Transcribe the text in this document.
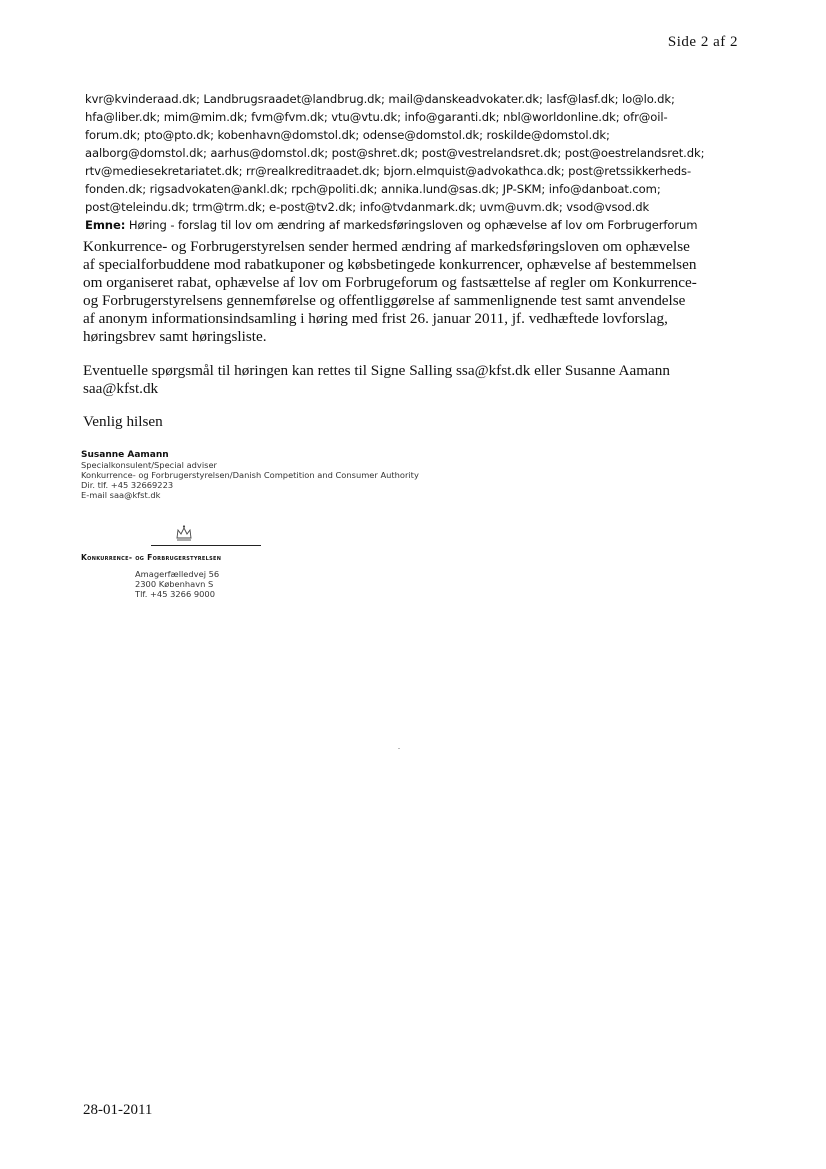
Side 2 af 2
kvr@kvinderaad.dk; Landbrugsraadet@landbrug.dk; mail@danskeadvokater.dk; lasf@lasf.dk; lo@lo.dk;
hfa@liber.dk; mim@mim.dk; fvm@fvm.dk; vtu@vtu.dk; info@garanti.dk; nbl@worldonline.dk; ofr@oil-
forum.dk; pto@pto.dk; kobenhavn@domstol.dk; odense@domstol.dk; roskilde@domstol.dk;
aalborg@domstol.dk; aarhus@domstol.dk; post@shret.dk; post@vestrelandsret.dk; post@oestrelandsret.dk;
rtv@mediesekretariatet.dk; rr@realkreditraadet.dk; bjorn.elmquist@advokathca.dk; post@retssikkerheds-
fonden.dk; rigsadvokaten@ankl.dk; rpch@politi.dk; annika.lund@sas.dk; JP-SKM; info@danboat.com;
post@teleindu.dk; trm@trm.dk; e-post@tv2.dk; info@tvdanmark.dk; uvm@uvm.dk; vsod@vsod.dk
Emne: Høring - forslag til lov om ændring af markedsføringsloven og ophævelse af lov om Forbrugerforum
Konkurrence- og Forbrugerstyrelsen sender hermed ændring af markedsføringsloven om ophævelse
af specialforbuddene mod rabatkuponer og købsbetingede konkurrencer, ophævelse af bestemmelsen
om organiseret rabat, ophævelse af lov om Forbrugeforum og fastsættelse af regler om Konkurrence-
og Forbrugerstyrelsens gennemførelse og offentliggørelse af sammenlignende test samt anvendelse
af anonym informationsindsamling i høring med frist 26. januar 2011, jf. vedhæftede lovforslag,
høringsbrev samt høringsliste.
Eventuelle spørgsmål til høringen kan rettes til Signe Salling ssa@kfst.dk eller Susanne Aamann
saa@kfst.dk
Venlig hilsen
Susanne Aamann
Specialkonsulent/Special adviser
Konkurrence- og Forbrugerstyrelsen/Danish Competition and Consumer Authority
Dir. tlf. +45 32669223
E-mail saa@kfst.dk
Konkurrence- og Forbrugerstyrelsen
Amagerfælledvej 56
2300 København S
Tlf. +45 3266 9000
28-01-2011
